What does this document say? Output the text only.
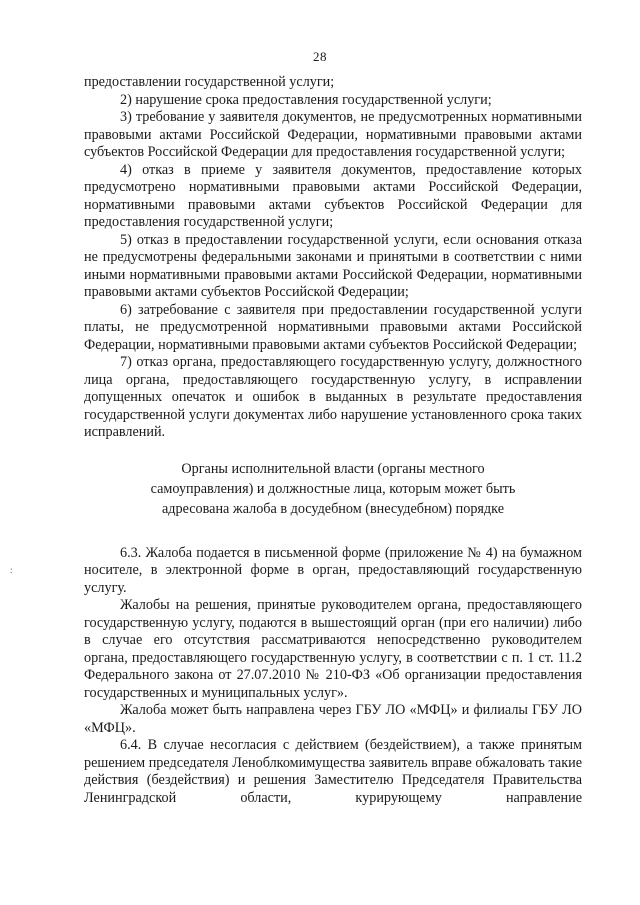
28
:

предоставлении государственной услуги;

2) нарушение срока предоставления государственной услуги;

3) требование у заявителя документов, не предусмотренных нормативными правовыми актами Российской Федерации, нормативными правовыми актами субъектов Российской Федерации для предоставления государственной услуги;

4) отказ в приеме у заявителя документов, предоставление которых предусмотрено нормативными правовыми актами Российской Федерации, нормативными правовыми актами субъектов Российской Федерации для предоставления государственной услуги;

5) отказ в предоставлении государственной услуги, если основания отказа не предусмотрены федеральными законами и принятыми в соответствии с ними иными нормативными правовыми актами Российской Федерации, нормативными правовыми актами субъектов Российской Федерации;

6) затребование с заявителя при предоставлении государственной услуги платы, не предусмотренной нормативными правовыми актами Российской Федерации, нормативными правовыми актами субъектов Российской Федерации;

7) отказ органа, предоставляющего государственную услугу, должностного лица органа, предоставляющего государственную услугу, в исправлении допущенных опечаток и ошибок в выданных в результате предоставления государственной услуги документах либо нарушение установленного срока таких исправлений.

Органы исполнительной власти (органы местного
самоуправления) и должностные лица, которым может быть
адресована жалоба в досудебном (внесудебном) порядке

6.3. Жалоба подается в письменной форме (приложение № 4) на бумажном носителе, в электронной форме в орган, предоставляющий государственную услугу.

Жалобы на решения, принятые руководителем органа, предоставляющего государственную услугу, подаются в вышестоящий орган (при его наличии) либо в случае его отсутствия рассматриваются непосредственно руководителем органа, предоставляющего государственную услугу, в соответствии с п. 1 ст. 11.2 Федерального закона от 27.07.2010 № 210-ФЗ «Об организации предоставления государственных и муниципальных услуг».

Жалоба может быть направлена через ГБУ ЛО «МФЦ» и филиалы ГБУ ЛО «МФЦ».

6.4. В случае несогласия с действием (бездействием), а также принятым решением председателя Леноблкомимущества заявитель вправе обжаловать такие действия (бездействия) и решения Заместителю Председателя Правительства Ленинградской области, курирующему направление
